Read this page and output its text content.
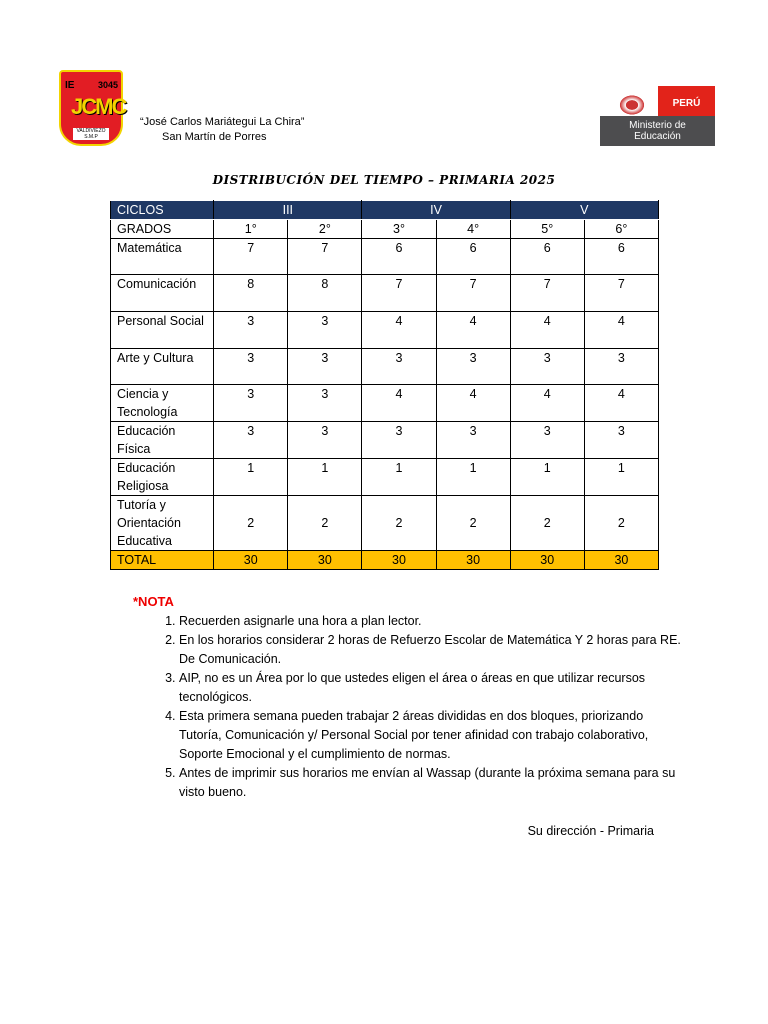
IE	3045
JCMC
VALDIVIEZO S.M.P
“José Carlos Mariátegui La Chira”
San Martín de Porres
PERÚ
Ministerio de
Educación
DISTRIBUCIÓN DEL TIEMPO – PRIMARIA 2025
CICLOS	III		IV		V	
GRADOS	1°	2°	3°	4°	5°	6°
Matemática	7	7	6	6	6	6
Comunicación	8	8	7	7	7	7
Personal Social	3	3	4	4	4	4
Arte y Cultura	3	3	3	3	3	3
Ciencia y Tecnología	3	3	4	4	4	4
Educación Física	3	3	3	3	3	3
Educación Religiosa	1	1	1	1	1	1
Tutoría y Orientación Educativa	2	2	2	2	2	2
TOTAL	30	30	30	30	30	30
*NOTA
1. Recuerden asignarle una hora a plan lector.
2. En los horarios considerar 2 horas de Refuerzo Escolar de Matemática Y 2 horas para RE. De Comunicación.
3. AIP, no es un Área por lo que ustedes eligen el área o áreas en que utilizar recursos tecnológicos.
4. Esta primera semana pueden trabajar 2 áreas divididas en dos bloques, priorizando Tutoría, Comunicación y/ Personal Social por tener afinidad con trabajo colaborativo, Soporte Emocional y el cumplimiento de normas.
5. Antes de imprimir sus horarios me envían al Wassap (durante la próxima semana para su visto bueno.
Su dirección - Primaria
